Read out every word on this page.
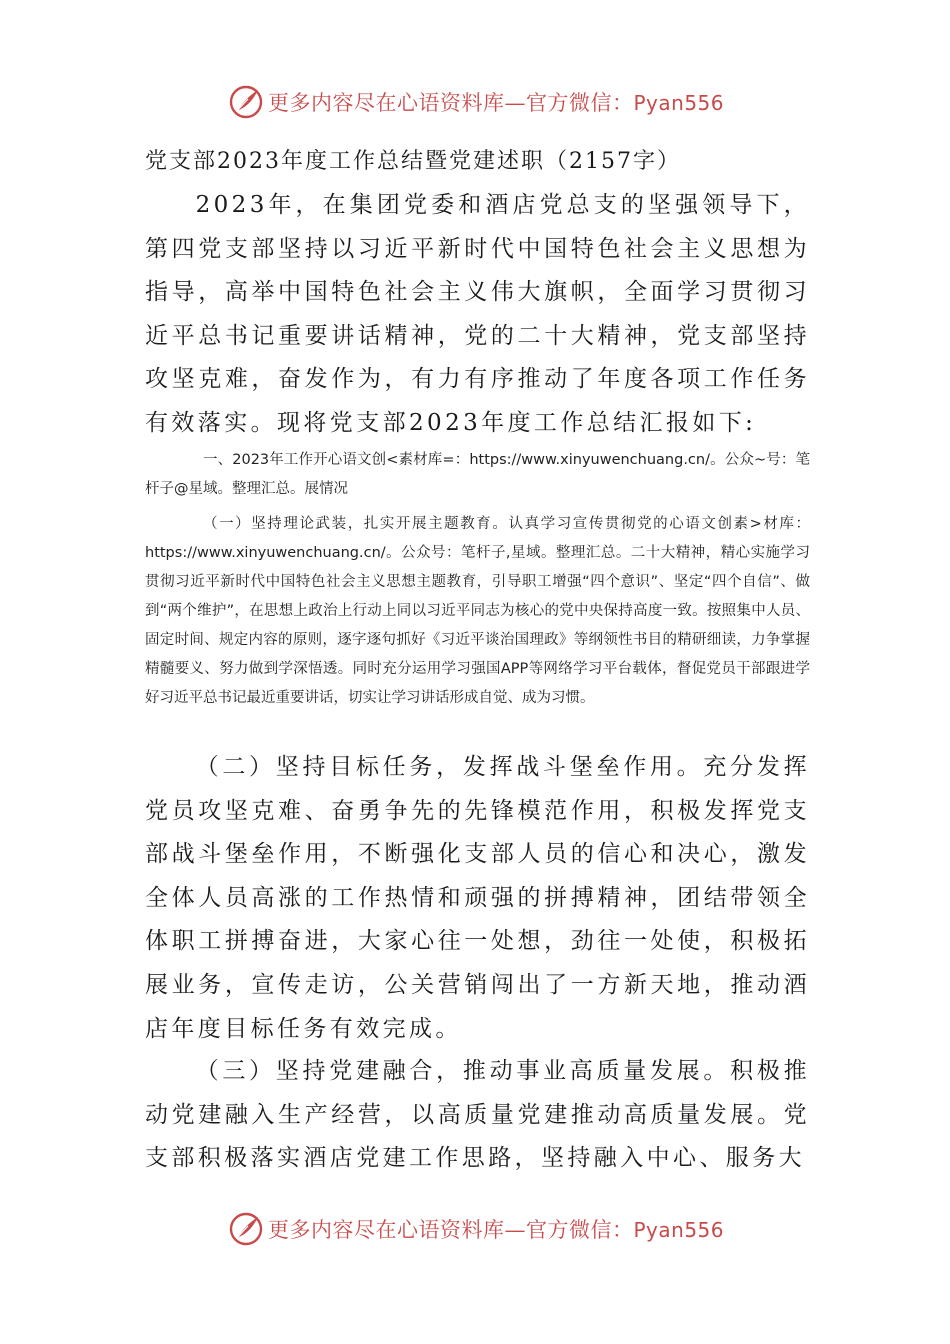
更多内容尽在心语资料库—官方微信：Pyan556
党支部2023年度工作总结暨党建述职（2157字）

2023年，在集团党委和酒店党总支的坚强领导下，第四党支部坚持以习近平新时代中国特色社会主义思想为指导，高举中国特色社会主义伟大旗帜，全面学习贯彻习近平总书记重要讲话精神，党的二十大精神，党支部坚持攻坚克难，奋发作为，有力有序推动了年度各项工作任务有效落实。现将党支部2023年度工作总结汇报如下:

一、2023年工作开心语文创<素材库=：https://www.xinyuwenchuang.cn/。公众~号：笔杆子@星域。整理汇总。展情况

（一）坚持理论武装，扎实开展主题教育。认真学习宣传贯彻党的心语文创素>材库：https://www.xinyuwenchuang.cn/。公众号：笔杆子,星域。整理汇总。二十大精神，精心实施学习贯彻习近平新时代中国特色社会主义思想主题教育，引导职工增强“四个意识”、坚定“四个自信”、做到“两个维护”，在思想上政治上行动上同以习近平同志为核心的党中央保持高度一致。按照集中人员、固定时间、规定内容的原则，逐字逐句抓好《习近平谈治国理政》等纲领性书目的精研细读，力争掌握精髓要义、努力做到学深悟透。同时充分运用学习强国APP等网络学习平台载体，督促党员干部跟进学好习近平总书记最近重要讲话，切实让学习讲话形成自觉、成为习惯。

（二）坚持目标任务，发挥战斗堡垒作用。充分发挥党员攻坚克难、奋勇争先的先锋模范作用，积极发挥党支部战斗堡垒作用，不断强化支部人员的信心和决心，激发全体人员高涨的工作热情和顽强的拼搏精神，团结带领全体职工拼搏奋进，大家心往一处想，劲往一处使，积极拓展业务，宣传走访，公关营销闯出了一方新天地，推动酒店年度目标任务有效完成。

（三）坚持党建融合，推动事业高质量发展。积极推动党建融入生产经营，以高质量党建推动高质量发展。党支部积极落实酒店党建工作思路，坚持融入中心、服务大

更多内容尽在心语资料库—官方微信：Pyan556
